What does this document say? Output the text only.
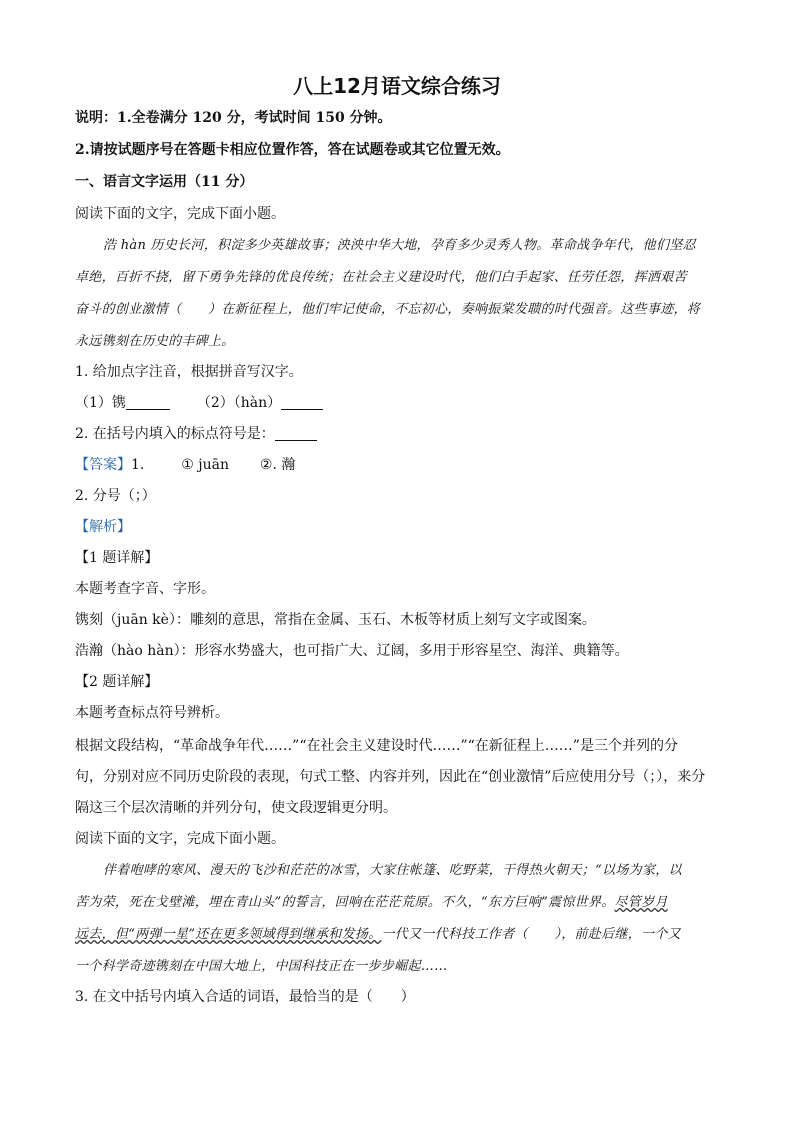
八上12月语文综合练习
说明：1.全卷满分 120 分，考试时间 150 分钟。
2.请按试题序号在答题卡相应位置作答，答在试题卷或其它位置无效。
一、语言文字运用（11 分）
阅读下面的文字，完成下面小题。
浩 hàn 历史长河，积淀多少英雄故事；泱泱中华大地，孕育多少灵秀人物。革命战争年代，他们坚忍
卓绝，百折不挠，留下勇争先锋的优良传统；在社会主义建设时代，他们白手起家、任劳任怨，挥洒艰苦
奋斗的创业激情（　　）在新征程上，他们牢记使命，不忘初心，奏响振棠发聩的时代强音。这些事迹，将
永远镌刻在历史的丰碑上。
1. 给加点字注音，根据拼音写汉字。
（1）镌	（2）（hàn）
2. 在括号内填入的标点符号是：
【答案】1.	① juān ②. 瀚
2. 分号（；）
【解析】
【1 题详解】
本题考查字音、字形。
镌刻（juān kè）：雕刻的意思，常指在金属、玉石、木板等材质上刻写文字或图案。
浩瀚（hào hàn）：形容水势盛大，也可指广大、辽阔，多用于形容星空、海洋、典籍等。
【2 题详解】
本题考查标点符号辨析。
根据文段结构，“革命战争年代……”“在社会主义建设时代……”“在新征程上……”是三个并列的分
句，分别对应不同历史阶段的表现，句式工整、内容并列，因此在“创业激情”后应使用分号（；），来分
隔这三个层次清晰的并列分句，使文段逻辑更分明。
阅读下面的文字，完成下面小题。
伴着咆哮的寒风、漫天的飞沙和茫茫的冰雪，大家住帐篷、吃野菜，干得热火朝天；“以场为家，以
苦为荣，死在戈壁滩，埋在青山头”的誓言，回响在茫茫荒原。不久，“东方巨响”震惊世界。尽管岁月
远去，但“两弹一星”还在更多领域得到继承和发扬。一代又一代科技工作者（　　），前赴后继，一个又
一个科学奇迹镌刻在中国大地上，中国科技正在一步步崛起……
3. 在文中括号内填入合适的词语，最恰当的是（　　）
